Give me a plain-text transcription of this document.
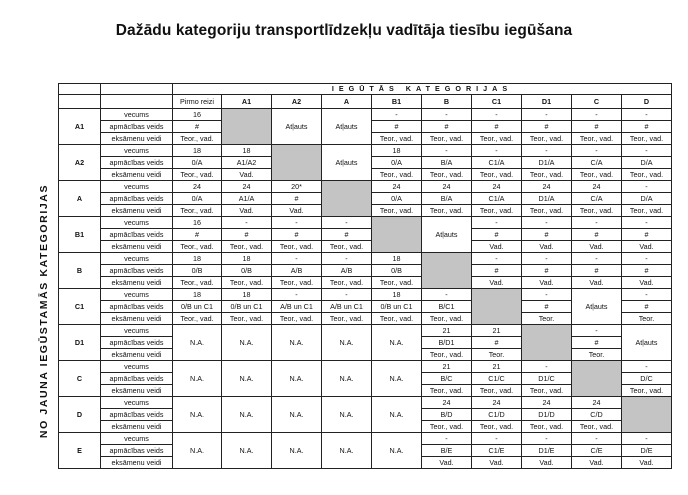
Dažādu kategoriju transportlīdzekļu vadītāja tiesību iegūšana
NO JAUNA IEGŪSTAMĀS KATEGORIJAS
		IEGŪTĀS KATEGORIJAS									
		Pirmo reizi	A1	A2	A	B1	B	C1	D1	C	D
A1	vecums	16		Atļauts	Atļauts	-	-	-	-	-	-
	apmācības veids	#				#	#	#	#	#	#
	eksāmenu veidi	Teor., vad.				Teor., vad.	Teor., vad.	Teor., vad.	Teor., vad.	Teor., vad.	Teor., vad.
A2	vecums	18	18		Atļauts	18	-	-	-	-	-
	apmācības veids	0/A	A1/A2			0/A	B/A	C1/A	D1/A	C/A	D/A
	eksāmenu veidi	Teor., vad.	Vad.			Teor., vad.	Teor., vad.	Teor., vad.	Teor., vad.	Teor., vad.	Teor., vad.
A	vecums	24	24	20*		24	24	24	24	24	-
	apmācības veids	0/A	A1/A	#		0/A	B/A	C1/A	D1/A	C/A	D/A
	eksāmenu veidi	Teor., vad.	Vad.	Vad.		Teor., vad.	Teor., vad.	Teor., vad.	Teor., vad.	Teor., vad.	Teor., vad.
B1	vecums	16	-	-	-		Atļauts	-	-	-	-
	apmācības veids	#	#	#	#			#	#	#	#
	eksāmenu veidi	Teor., vad.	Teor., vad.	Teor., vad.	Teor., vad.			Vad.	Vad.	Vad.	Vad.
B	vecums	18	18	-	-	18		-	-	-	-
	apmācības veids	0/B	0/B	A/B	A/B	0/B		#	#	#	#
	eksāmenu veidi	Teor., vad.	Teor., vad.	Teor., vad.	Teor., vad.	Teor., vad.		Vad.	Vad.	Vad.	Vad.
C1	vecums	18	18	-	-	18	-		-	Atļauts	-
	apmācības veids	0/B un C1	0/B un C1	A/B un C1	A/B un C1	0/B un C1	B/C1		#		#
	eksāmenu veidi	Teor., vad.	Teor., vad.	Teor., vad.	Teor., vad.	Teor., vad.	Teor., vad.		Teor.		Teor.
D1	vecums	N.A.	N.A.	N.A.	N.A.	N.A.	21	21		-	Atļauts
	apmācības veids						B/D1	#		#	
	eksāmenu veidi						Teor., vad.	Teor.		Teor.	
C	vecums	N.A.	N.A.	N.A.	N.A.	N.A.	21	21	-		-
	apmācības veids						B/C	C1/C	D1/C		D/C
	eksāmenu veidi						Teor., vad.	Teor., vad.	Teor., vad.		Teor., vad.
D	vecums	N.A.	N.A.	N.A.	N.A.	N.A.	24	24	24	24	
	apmācības veids						B/D	C1/D	D1/D	C/D	
	eksāmenu veidi						Teor., vad.	Teor., vad.	Teor., vad.	Teor., vad.	
E	vecums	N.A.	N.A.	N.A.	N.A.	N.A.	-	-	-	-	-
	apmācības veids						B/E	C1/E	D1/E	C/E	D/E
	eksāmenu veidi						Vad.	Vad.	Vad.	Vad.	Vad.
